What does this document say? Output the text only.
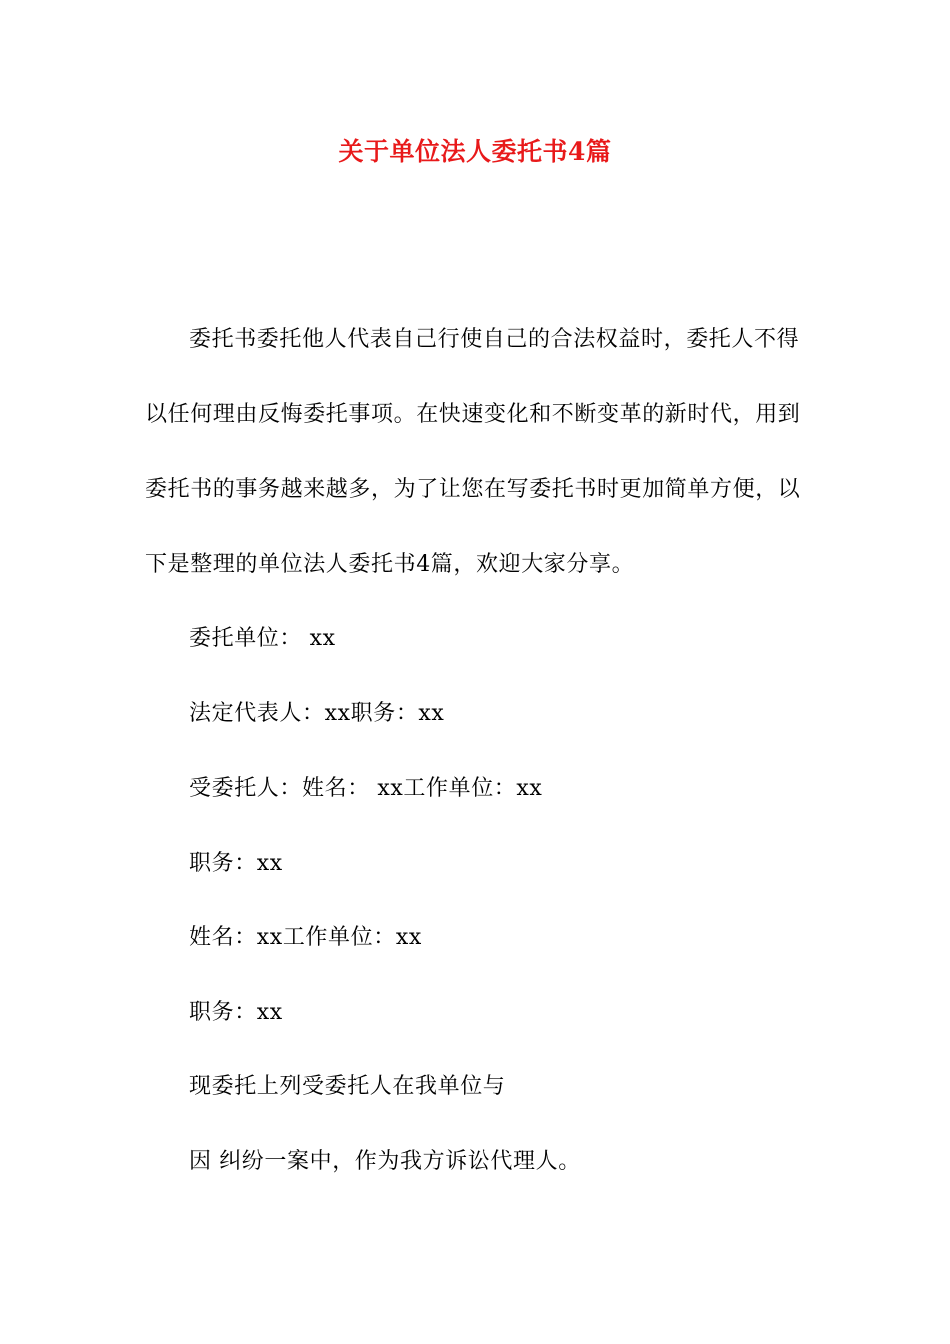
关于单位法人委托书4篇
委托书委托他人代表自己行使自己的合法权益时，委托人不得
以任何理由反悔委托事项。在快速变化和不断变革的新时代，用到
委托书的事务越来越多，为了让您在写委托书时更加简单方便，以
下是整理的单位法人委托书4篇，欢迎大家分享。
委托单位： xx
法定代表人：xx职务：xx
受委托人：姓名： xx工作单位：xx
职务：xx
姓名：xx工作单位：xx
职务：xx
现委托上列受委托人在我单位与
因 纠纷一案中，作为我方诉讼代理人。
